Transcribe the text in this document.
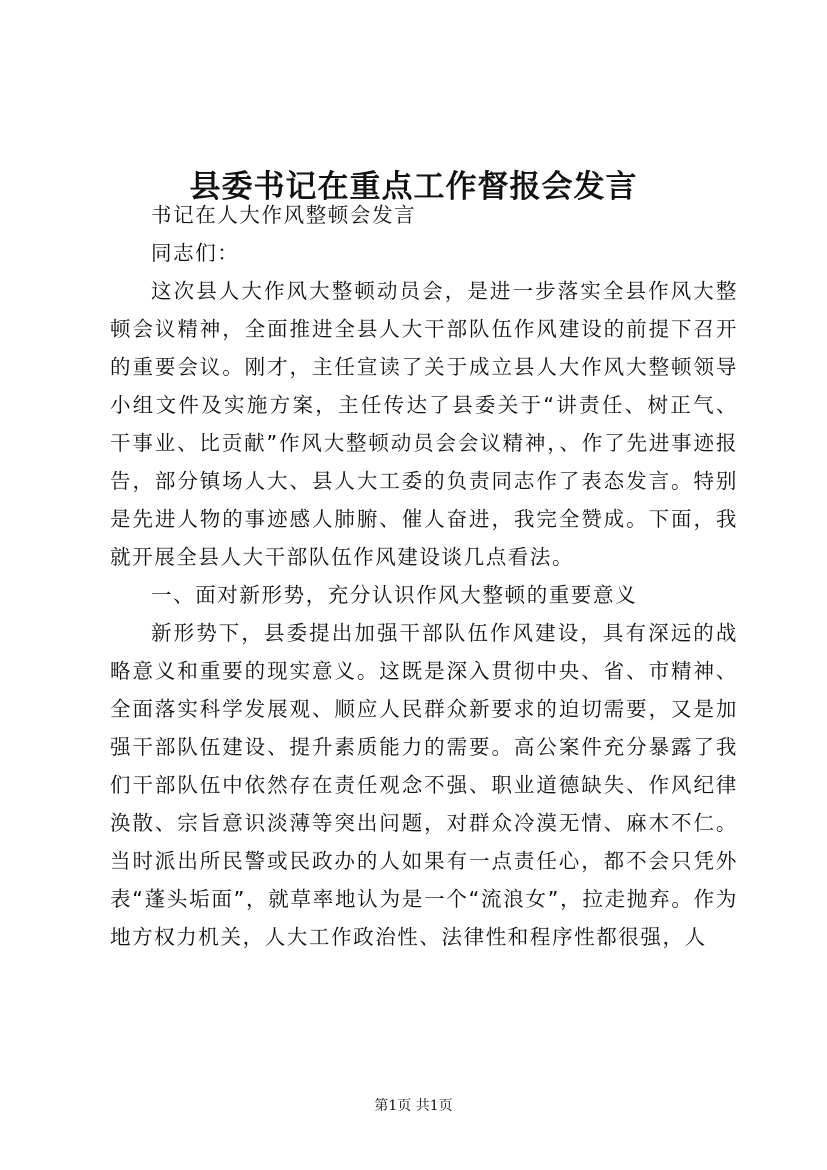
县委书记在重点工作督报会发言

书记在人大作风整顿会发言

同志们：

这次县人大作风大整顿动员会，是进一步落实全县作风大整顿会议精神，全面推进全县人大干部队伍作风建设的前提下召开的重要会议。刚才，主任宣读了关于成立县人大作风大整顿领导小组文件及实施方案，主任传达了县委关于“讲责任、树正气、干事业、比贡献”作风大整顿动员会会议精神，、作了先进事迹报告，部分镇场人大、县人大工委的负责同志作了表态发言。特别是先进人物的事迹感人肺腑、催人奋进，我完全赞成。下面，我就开展全县人大干部队伍作风建设谈几点看法。

一、面对新形势，充分认识作风大整顿的重要意义

新形势下，县委提出加强干部队伍作风建设，具有深远的战略意义和重要的现实意义。这既是深入贯彻中央、省、市精神、全面落实科学发展观、顺应人民群众新要求的迫切需要，又是加强干部队伍建设、提升素质能力的需要。高公案件充分暴露了我们干部队伍中依然存在责任观念不强、职业道德缺失、作风纪律涣散、宗旨意识淡薄等突出问题，对群众冷漠无情、麻木不仁。当时派出所民警或民政办的人如果有一点责任心，都不会只凭外表“蓬头垢面”，就草率地认为是一个“流浪女”，拉走抛弃。作为地方权力机关，人大工作政治性、法律性和程序性都很强，人

第1页 共1页
